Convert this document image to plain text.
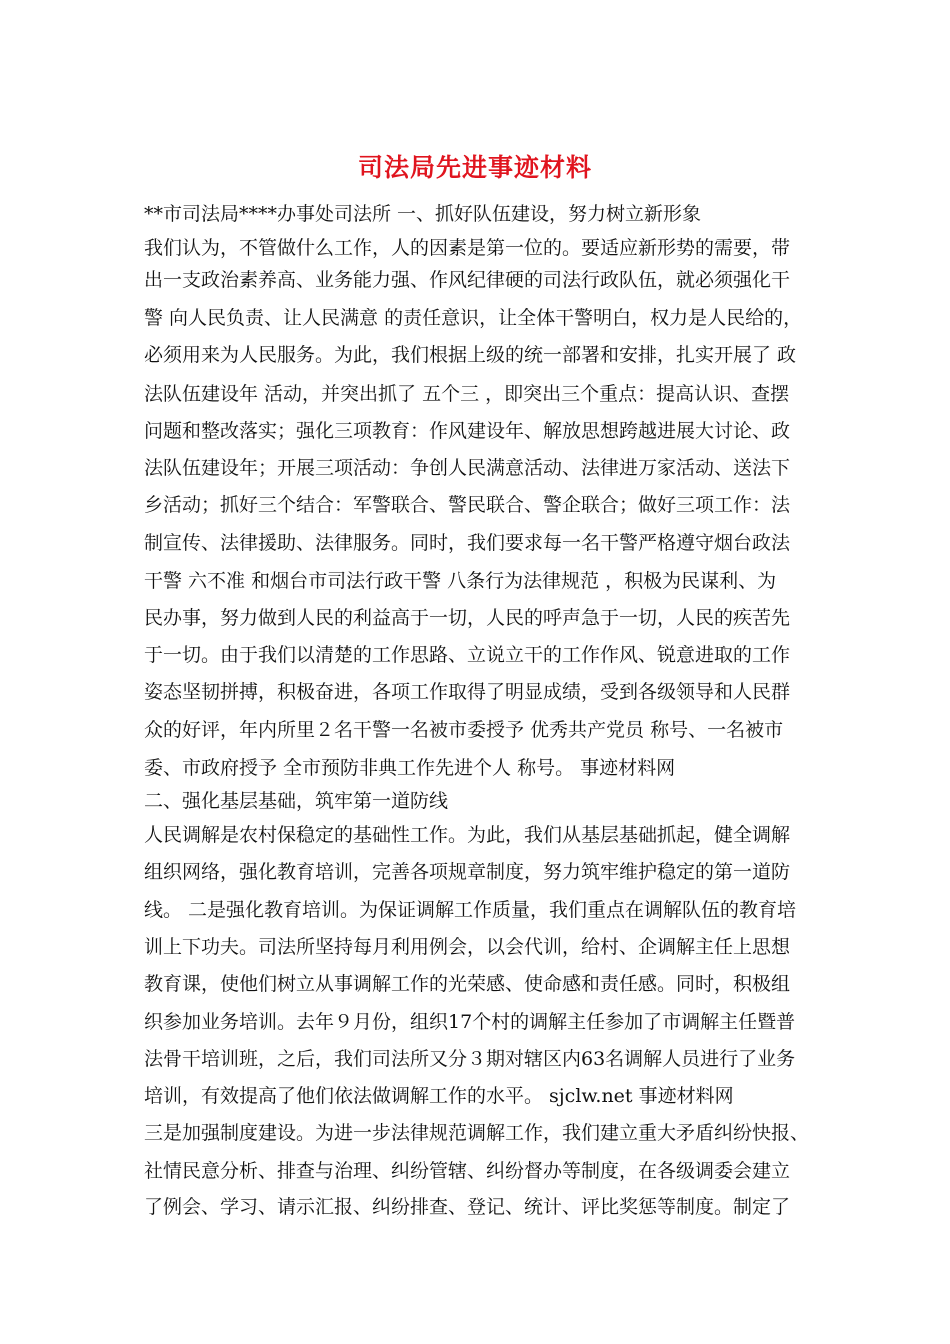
司法局先进事迹材料
**市司法局****办事处司法所 一、抓好队伍建设，努力树立新形象
我们认为，不管做什么工作，人的因素是第一位的。要适应新形势的需要，带
出一支政治素养高、业务能力强、作风纪律硬的司法行政队伍，就必须强化干
警 向人民负责、让人民满意 的责任意识，让全体干警明白，权力是人民给的，
必须用来为人民服务。为此，我们根据上级的统一部署和安排，扎实开展了 政
法队伍建设年 活动，并突出抓了 五个三 ，即突出三个重点：提高认识、查摆
问题和整改落实；强化三项教育：作风建设年、解放思想跨越进展大讨论、政
法队伍建设年；开展三项活动：争创人民满意活动、法律进万家活动、送法下
乡活动；抓好三个结合：军警联合、警民联合、警企联合；做好三项工作：法
制宣传、法律援助、法律服务。同时，我们要求每一名干警严格遵守烟台政法
干警 六不准 和烟台市司法行政干警 八条行为法律规范 ，积极为民谋利、为
民办事，努力做到人民的利益高于一切，人民的呼声急于一切，人民的疾苦先
于一切。由于我们以清楚的工作思路、立说立干的工作作风、锐意进取的工作
姿态坚韧拼搏，积极奋进，各项工作取得了明显成绩，受到各级领导和人民群
众的好评，年内所里２名干警一名被市委授予 优秀共产党员 称号、一名被市
委、市政府授予 全市预防非典工作先进个人 称号。 事迹材料网
二、强化基层基础，筑牢第一道防线
人民调解是农村保稳定的基础性工作。为此，我们从基层基础抓起，健全调解
组织网络，强化教育培训，完善各项规章制度，努力筑牢维护稳定的第一道防
线。 二是强化教育培训。为保证调解工作质量，我们重点在调解队伍的教育培
训上下功夫。司法所坚持每月利用例会，以会代训，给村、企调解主任上思想
教育课，使他们树立从事调解工作的光荣感、使命感和责任感。同时，积极组
织参加业务培训。去年９月份，组织17个村的调解主任参加了市调解主任暨普
法骨干培训班，之后，我们司法所又分３期对辖区内63名调解人员进行了业务
培训，有效提高了他们依法做调解工作的水平。 sjclw.net 事迹材料网
三是加强制度建设。为进一步法律规范调解工作，我们建立重大矛盾纠纷快报、
社情民意分析、排查与治理、纠纷管辖、纠纷督办等制度，在各级调委会建立
了例会、学习、请示汇报、纠纷排查、登记、统计、评比奖惩等制度。制定了
